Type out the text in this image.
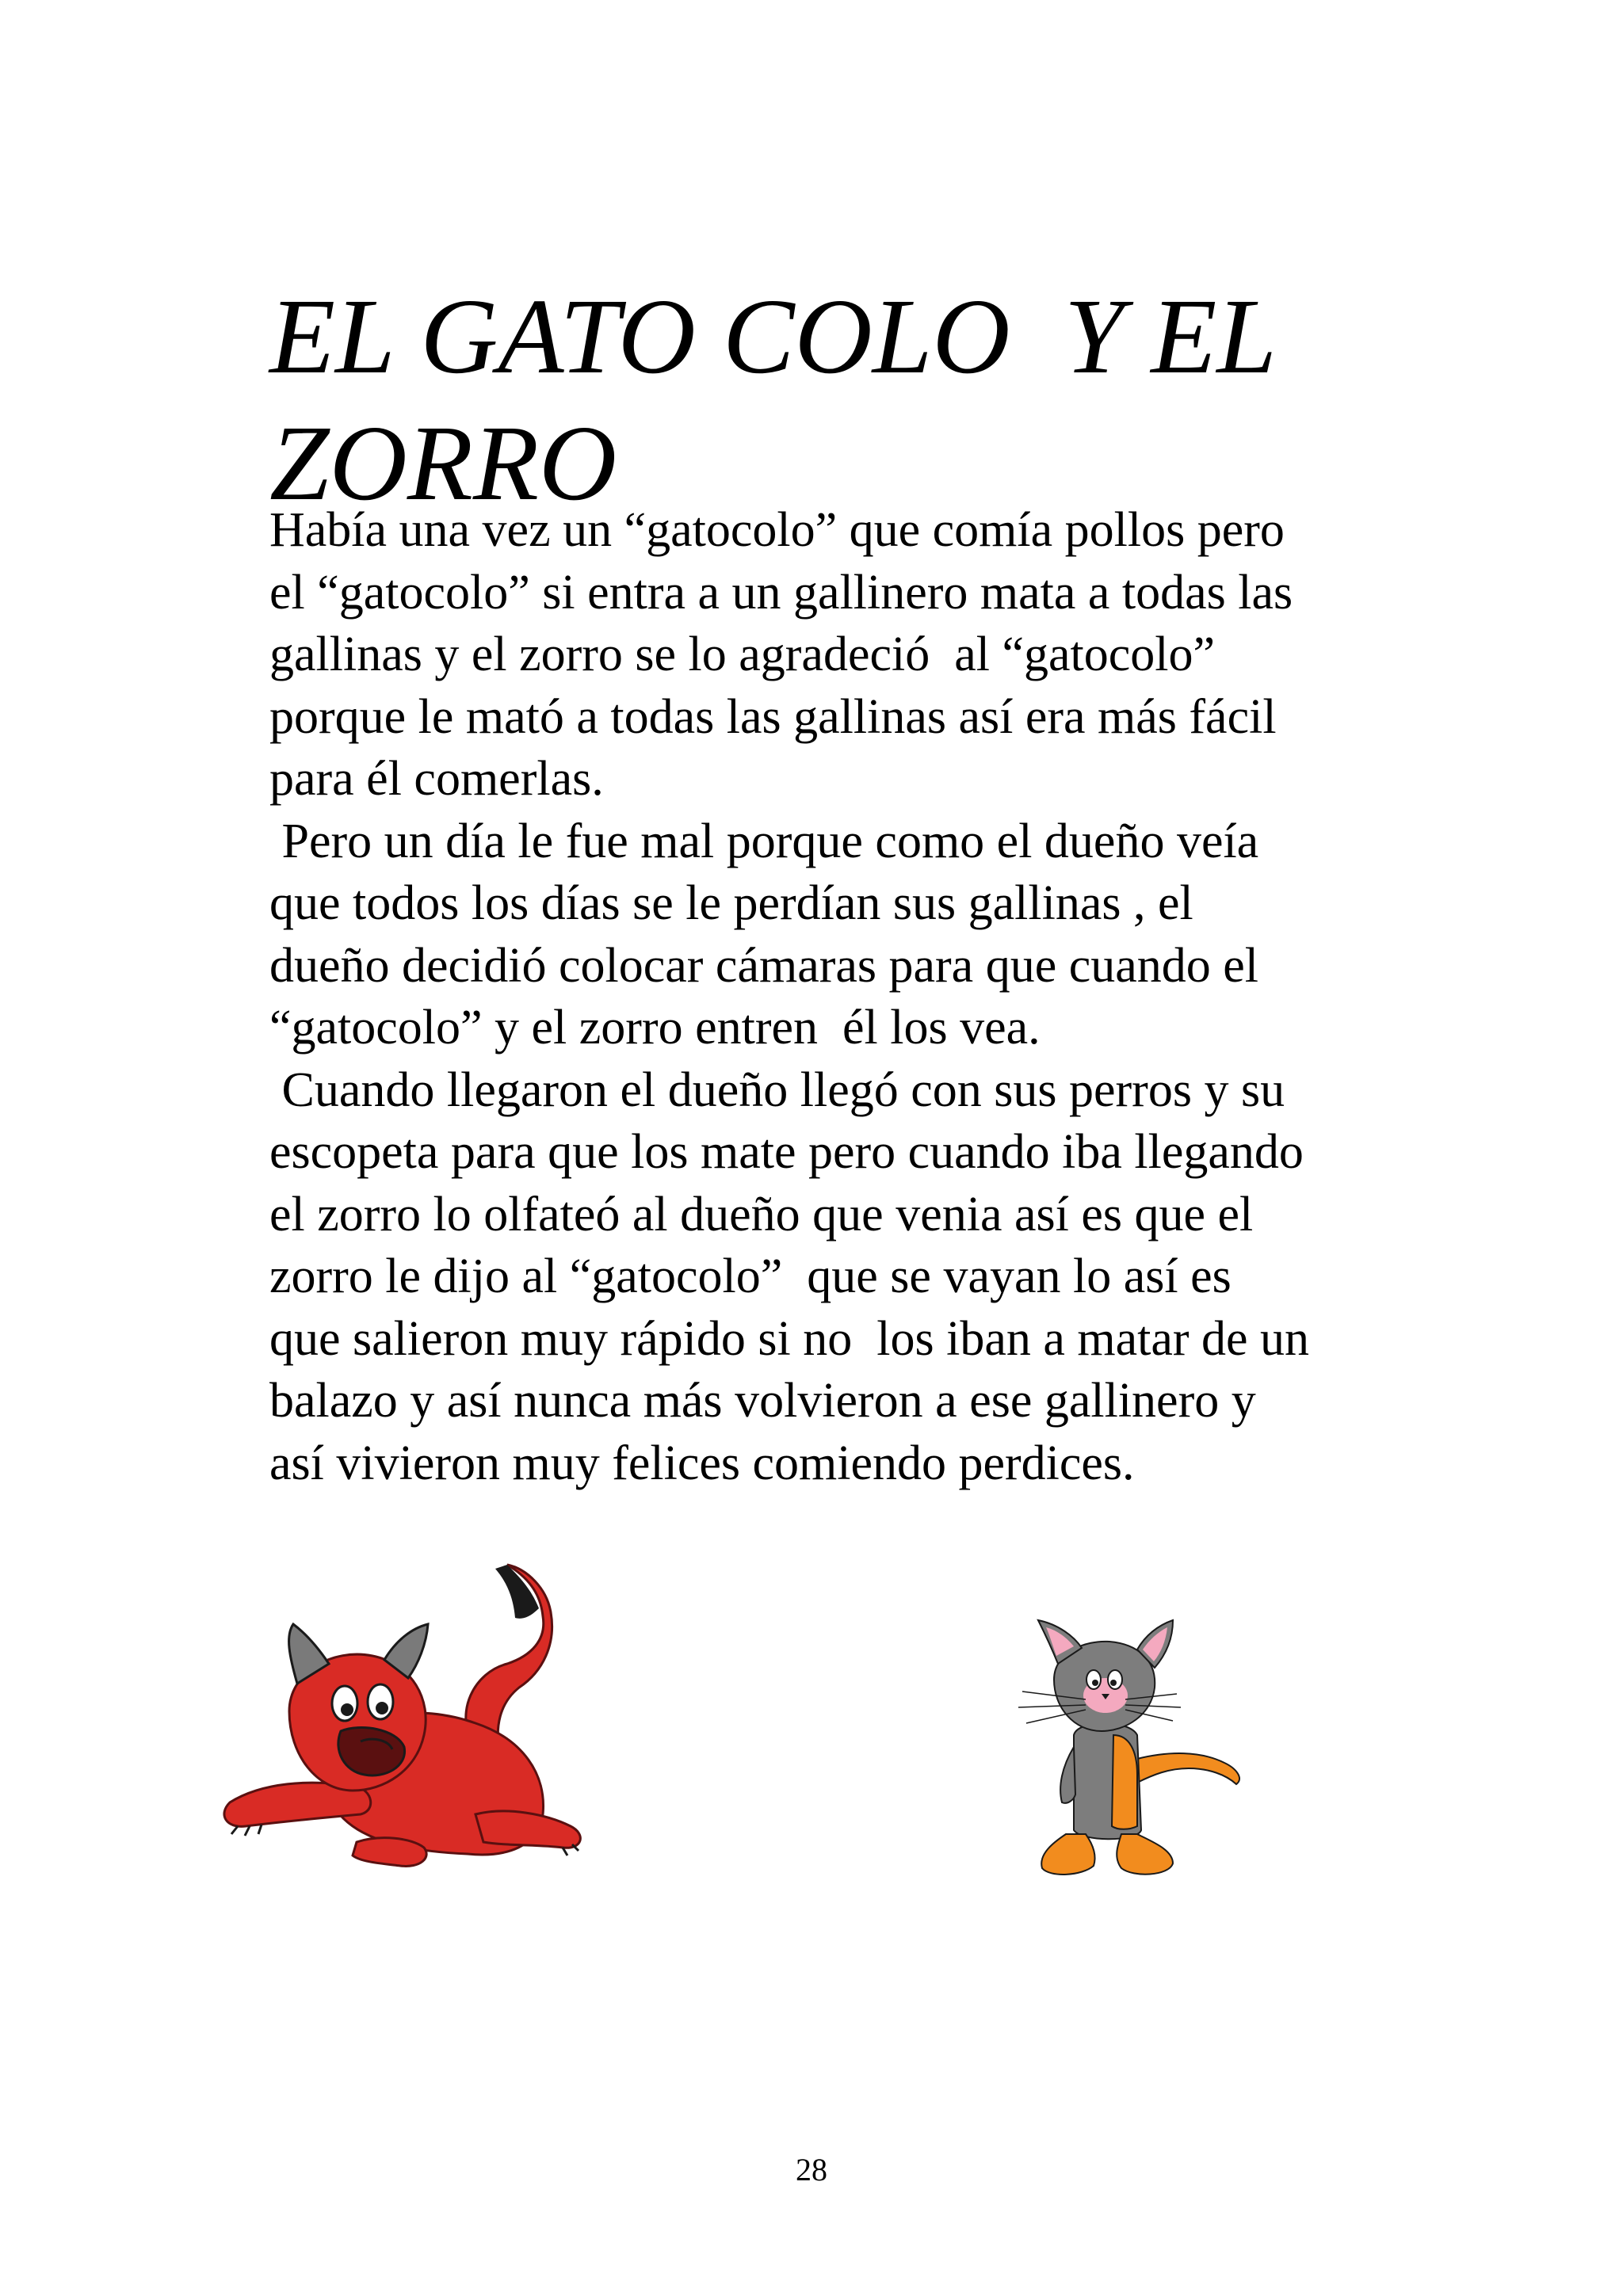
EL GATO COLO  Y EL
ZORRO
Había una vez un “gatocolo” que comía pollos pero
el “gatocolo” si entra a un gallinero mata a todas las
gallinas y el zorro se lo agradeció  al “gatocolo”
porque le mató a todas las gallinas así era más fácil
para él comerlas.
Pero un día le fue mal porque como el dueño veía
que todos los días se le perdían sus gallinas , el
dueño decidió colocar cámaras para que cuando el
“gatocolo” y el zorro entren  él los vea.
Cuando llegaron el dueño llegó con sus perros y su
escopeta para que los mate pero cuando iba llegando
el zorro lo olfateó al dueño que venia así es que el
zorro le dijo al “gatocolo”  que se vayan lo así es
que salieron muy rápido si no  los iban a matar de un
balazo y así nunca más volvieron a ese gallinero y
así vivieron muy felices comiendo perdices.
28
